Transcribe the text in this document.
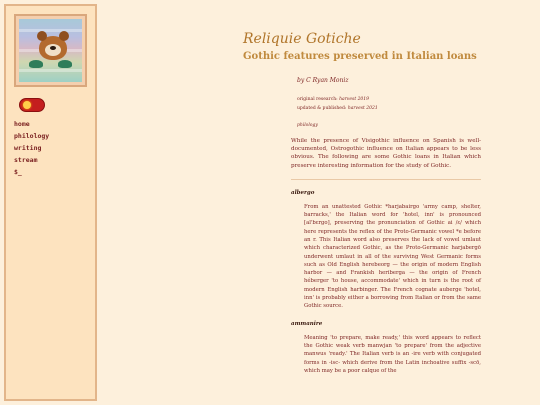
home
philology
writing
stream
$_
Reliquie Gotiche
Gothic features preserved in Italian loans
by C Ryan Moniz
original research: harvest 2019
updated & published: harvest 2021
philology

While the presence of Visigothic influence on Spanish is well-documented, Ostrogothic influence on Italian appears to be less obvious. The following are some Gothic loans in Italian which preserve interesting information for the study of Gothic.

albergo

From an unattested Gothic *harjabairgo 'army camp, shelter, barracks,' the Italian word for 'hotel, inn' is pronounced [al'bɛrɡo], preserving the pronunciation of Gothic ai /ɛ/ which here represents the reflex of the Proto-Germanic vowel *e before an r. This Italian word also preserves the lack of vowel umlaut which characterized Gothic, as the Proto-Germanic harjabergō underwent umlaut in all of the surviving West Germanic forms such as Old English herebeorg — the origin of modern English harbor — and Frankish heriberga — the origin of French héberger 'to house, accommodate' which in turn is the root of modern English harbinger. The French cognate auberge 'hotel, inn' is probably either a borrowing from Italian or from the same Gothic source.

ammanire

Meaning 'to prepare, make ready,' this word appears to reflect the Gothic weak verb manwjan 'to prepare' from the adjective manwus 'ready.' The Italian verb is an -ire verb with conjugated forms in -isc- which derive from the Latin inchoative suffix -scō, which may be a poor calque of the
